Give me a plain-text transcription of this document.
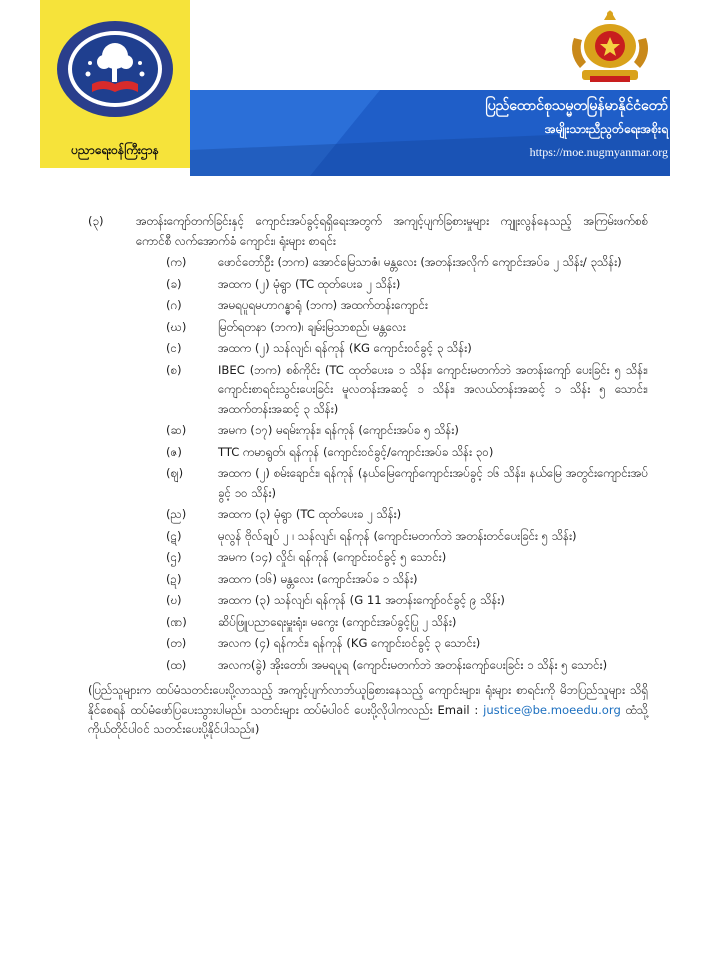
ပညာရေးဝန်ကြီးဌာန
ပြည်ထောင်စုသမ္မတမြန်မာနိုင်ငံတော်
အမျိုးသားညီညွတ်ရေးအစိုးရ
https://moe.nugmyanmar.org
(၃)	အတန်းကျော်တက်ခြင်းနှင့် ကျောင်းအပ်ခွင့်ရရှိရေးအတွက် အကျင့်ပျက်ခြစားမှုများ ကျူးလွန်နေသည့် အကြမ်းဖက်စစ်ကောင်စီ လက်အောက်ခံ ကျောင်း၊ ရုံးများ စာရင်း
(က)	ဖောင်တော်ဦး (ဘက) အောင်မြေသာဇံ၊ မန္တလေး (အတန်းအလိုက် ကျောင်းအပ်ခ ၂ သိန်း/ ၃သိန်း)
(ခ)	အထက (၂) မုံရွာ (TC ထုတ်ပေးခ ၂ သိန်း)
(ဂ)	အမရပူရမဟာဂန္ဓာရုံ (ဘက) အထက်တန်းကျောင်း
(ဃ)	မြတ်ရတနာ (ဘက)၊ ချမ်းမြသာစည်၊ မန္တလေး
(င)	အထက (၂) သန်လျင်၊ ရန်ကုန် (KG ကျောင်းဝင်ခွင့် ၃ သိန်း)
(စ)	IBEC (ဘက) စစ်ကိုင်း (TC ထုတ်ပေးခ ၁ သိန်း၊ ကျောင်းမတက်ဘဲ အတန်းကျော် ပေးခြင်း ၅ သိန်း၊ ကျောင်းစာရင်းသွင်းပေးခြင်း မူလတန်းအဆင့် ၁ သိန်း၊ အလယ်တန်းအဆင့် ၁ သိန်း ၅ သောင်း၊ အထက်တန်းအဆင့် ၃ သိန်း)
(ဆ)	အမက (၁၇) မရမ်းကုန်း၊ ရန်ကုန် (ကျောင်းအပ်ခ ၅ သိန်း)
(ဇ)	TTC ကမာရွတ်၊ ရန်ကုန် (ကျောင်းဝင်ခွင့်/ကျောင်းအပ်ခ သိန်း ၃၀)
(ဈ)	အထက (၂) စမ်းချောင်း၊ ရန်ကုန် (နယ်မြေကျော်ကျောင်းအပ်ခွင့် ၁၆ သိန်း၊ နယ်မြေ အတွင်းကျောင်းအပ်ခွင့် ၁၀ သိန်း)
(ည)	အထက (၃) မုံရွာ (TC ထုတ်ပေးခ ၂ သိန်း)
(ဋ)	မုလွန် ဗိုလ်ချုပ် ၂ ၊ သန်လျင်၊ ရန်ကုန် (ကျောင်းမတက်ဘဲ အတန်းတင်ပေးခြင်း ၅ သိန်း)
(ဌ)	အမက (၁၄) လှိုင်၊ ရန်ကုန် (ကျောင်းဝင်ခွင့် ၅ သောင်း)
(ဍ)	အထက (၁၆) မန္တလေး (ကျောင်းအပ်ခ ၁ သိန်း)
(ဎ)	အထက (၃) သန်လျင်၊ ရန်ကုန် (G 11 အတန်းကျော်ဝင်ခွင့် ၉ သိန်း)
(ဏ)	ဆိပ်ဖြူပညာရေးမှူးရုံး၊ မကွေး (ကျောင်းအပ်ခွင့်ပြု ၂ သိန်း)
(တ)	အလက (၄) ရန်ကင်း၊ ရန်ကုန် (KG ကျောင်းဝင်ခွင့် ၃ သောင်း)
(ထ)	အလက(ခွဲ) အိုးတော်၊ အမရပူရ (ကျောင်းမတက်ဘဲ အတန်းကျော်ပေးခြင်း ၁ သိန်း ၅ သောင်း)
(ပြည်သူများက ထပ်မံသတင်းပေးပို့လာသည့် အကျင့်ပျက်လာဘ်ယူခြစားနေသည့် ကျောင်းများ၊ ရုံးများ စာရင်းကို မိဘပြည်သူများ သိရှိနိုင်စေရန် ထပ်မံဖော်ပြပေးသွားပါမည်။ သတင်းများ ထပ်မံပါဝင် ပေးပို့လိုပါကလည်း Email : justice@be.moeedu.org ထံသို့ ကိုယ်တိုင်ပါဝင် သတင်းပေးပို့နိုင်ပါသည်။)
